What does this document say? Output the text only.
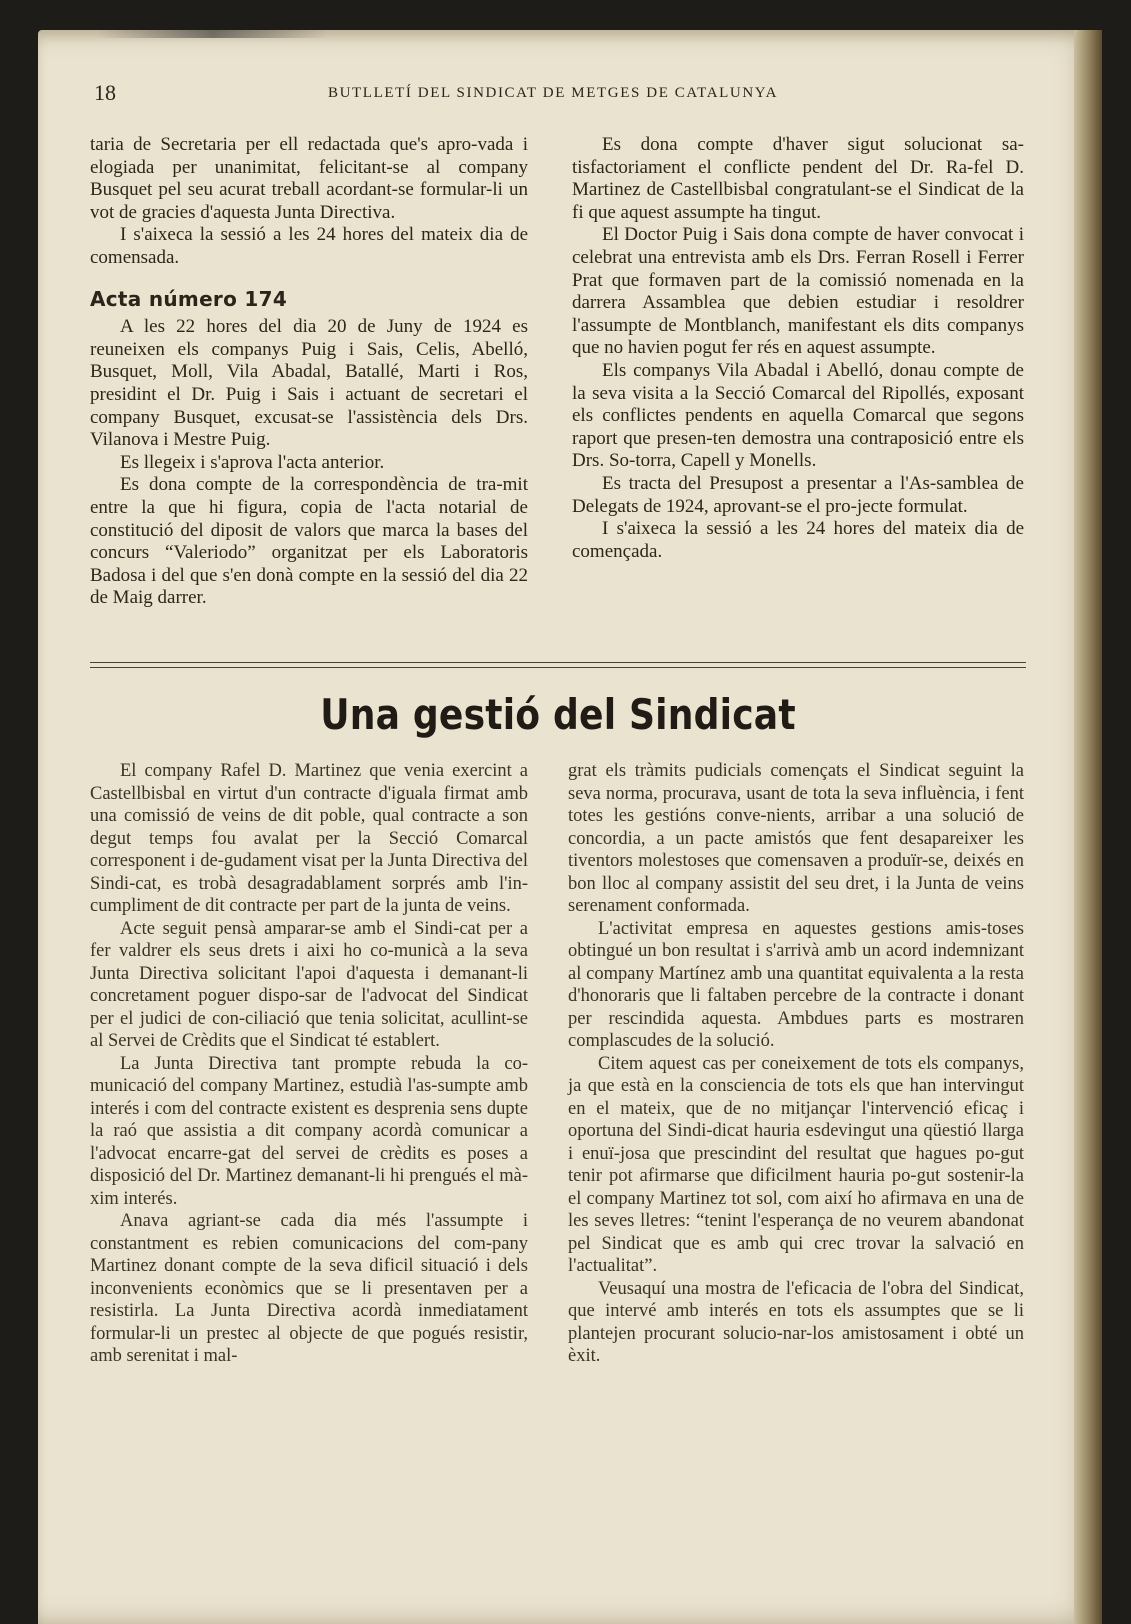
18	BUTLLETÍ DEL SINDICAT DE METGES DE CATALUNYA

taria de Secretaria per ell redactada que's apro-vada i elogiada per unanimitat, felicitant-se al company Busquet pel seu acurat treball acordant-se formular-li un vot de gracies d'aquesta Junta Directiva.

I s'aixeca la sessió a les 24 hores del mateix dia de comensada.

Acta número 174

A les 22 hores del dia 20 de Juny de 1924 es reuneixen els companys Puig i Sais, Celis, Abelló, Busquet, Moll, Vila Abadal, Batallé, Marti i Ros, presidint el Dr. Puig i Sais i actuant de secretari el company Busquet, excusat-se l'assistència dels Drs. Vilanova i Mestre Puig.

Es llegeix i s'aprova l'acta anterior.

Es dona compte de la correspondència de tra-mit entre la que hi figura, copia de l'acta notarial de constitució del diposit de valors que marca la bases del concurs “Valeriodo” organitzat per els Laboratoris Badosa i del que s'en donà compte en la sessió del dia 22 de Maig darrer.

Es dona compte d'haver sigut solucionat sa-tisfactoriament el conflicte pendent del Dr. Ra-fel D. Martinez de Castellbisbal congratulant-se el Sindicat de la fi que aquest assumpte ha tingut.

El Doctor Puig i Sais dona compte de haver convocat i celebrat una entrevista amb els Drs. Ferran Rosell i Ferrer Prat que formaven part de la comissió nomenada en la darrera Assamblea que debien estudiar i resoldrer l'assumpte de Montblanch, manifestant els dits companys que no havien pogut fer rés en aquest assumpte.

Els companys Vila Abadal i Abelló, donau compte de la seva visita a la Secció Comarcal del Ripollés, exposant els conflictes pendents en aquella Comarcal que segons raport que presen-ten demostra una contraposició entre els Drs. So-torra, Capell y Monells.

Es tracta del Presupost a presentar a l'As-samblea de Delegats de 1924, aprovant-se el pro-jecte formulat.

I s'aixeca la sessió a les 24 hores del mateix dia de començada.

Una gestió del Sindicat

El company Rafel D. Martinez que venia exercint a Castellbisbal en virtut d'un contracte d'iguala firmat amb una comissió de veins de dit poble, qual contracte a son degut temps fou avalat per la Secció Comarcal corresponent i de-gudament visat per la Junta Directiva del Sindi-cat, es trobà desagradablament sorprés amb l'in-cumpliment de dit contracte per part de la junta de veins.

Acte seguit pensà amparar-se amb el Sindi-cat per a fer valdrer els seus drets i aixi ho co-municà a la seva Junta Directiva solicitant l'apoi d'aquesta i demanant-li concretament poguer dispo-sar de l'advocat del Sindicat per el judici de con-ciliació que tenia solicitat, acullint-se al Servei de Crèdits que el Sindicat té establert.

La Junta Directiva tant prompte rebuda la co-municació del company Martinez, estudià l'as-sumpte amb interés i com del contracte existent es desprenia sens dupte la raó que assistia a dit company acordà comunicar a l'advocat encarre-gat del servei de crèdits es poses a disposició del Dr. Martinez demanant-li hi prengués el mà-xim interés.

Anava agriant-se cada dia més l'assumpte i constantment es rebien comunicacions del com-pany Martinez donant compte de la seva dificil situació i dels inconvenients econòmics que se li presentaven per a resistirla. La Junta Directiva acordà inmediatament formular-li un prestec al objecte de que pogués resistir, amb serenitat i mal-

grat els tràmits pudicials començats el Sindicat seguint la seva norma, procurava, usant de tota la seva influència, i fent totes les gestións conve-nients, arribar a una solució de concordia, a un pacte amistós que fent desapareixer les tiventors molestoses que comensaven a produïr-se, deixés en bon lloc al company assistit del seu dret, i la Junta de veins serenament conformada.

L'activitat empresa en aquestes gestions amis-toses obtingué un bon resultat i s'arrivà amb un acord indemnizant al company Martínez amb una quantitat equivalenta a la resta d'honoraris que li faltaben percebre de la contracte i donant per rescindida aquesta. Ambdues parts es mostraren complascudes de la solució.

Citem aquest cas per coneixement de tots els companys, ja que està en la consciencia de tots els que han intervingut en el mateix, que de no mitjançar l'intervenció eficaç i oportuna del Sindi-dicat hauria esdevingut una qüestió llarga i enuï-josa que prescindint del resultat que hagues po-gut tenir pot afirmarse que dificilment hauria po-gut sostenir-la el company Martinez tot sol, com així ho afirmava en una de les seves lletres: “tenint l'esperança de no veurem abandonat pel Sindicat que es amb qui crec trovar la salvació en l'actualitat”.

Veusaquí una mostra de l'eficacia de l'obra del Sindicat, que intervé amb interés en tots els assumptes que se li plantejen procurant solucio-nar-los amistosament i obté un èxit.
